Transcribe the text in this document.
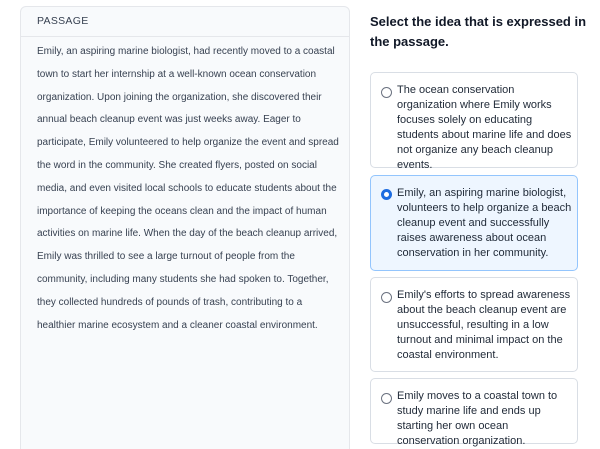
PASSAGE
Emily, an aspiring marine biologist, had recently moved to a coastal town to start her internship at a well-known ocean conservation organization. Upon joining the organization, she discovered their annual beach cleanup event was just weeks away. Eager to participate, Emily volunteered to help organize the event and spread the word in the community. She created flyers, posted on social media, and even visited local schools to educate students about the importance of keeping the oceans clean and the impact of human activities on marine life. When the day of the beach cleanup arrived, Emily was thrilled to see a large turnout of people from the community, including many students she had spoken to. Together, they collected hundreds of pounds of trash, contributing to a healthier marine ecosystem and a cleaner coastal environment.
Select the idea that is expressed in the passage.
The ocean conservation organization where Emily works focuses solely on educating students about marine life and does not organize any beach cleanup events.
Emily, an aspiring marine biologist, volunteers to help organize a beach cleanup event and successfully raises awareness about ocean conservation in her community.
Emily's efforts to spread awareness about the beach cleanup event are unsuccessful, resulting in a low turnout and minimal impact on the coastal environment.
Emily moves to a coastal town to study marine life and ends up starting her own ocean conservation organization.
